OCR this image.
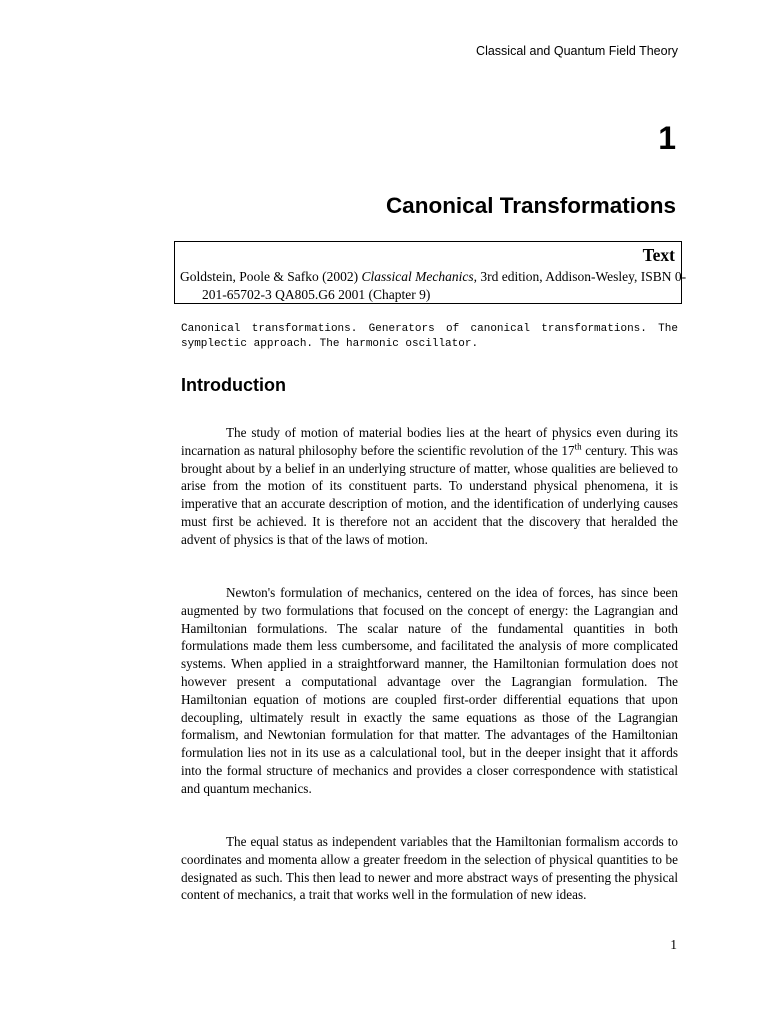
Classical and Quantum Field Theory
1
Canonical Transformations
Text
Goldstein, Poole & Safko (2002) Classical Mechanics, 3rd edition, Addison-Wesley, ISBN 0-201-65702-3 QA805.G6 2001 (Chapter 9)
Canonical transformations. Generators of canonical transformations. The symplectic approach. The harmonic oscillator.
Introduction

The study of motion of material bodies lies at the heart of physics even during its incarnation as natural philosophy before the scientific revolution of the 17th century. This was brought about by a belief in an underlying structure of matter, whose qualities are believed to arise from the motion of its constituent parts. To understand physical phenomena, it is imperative that an accurate description of motion, and the identification of underlying causes must first be achieved. It is therefore not an accident that the discovery that heralded the advent of physics is that of the laws of motion.

Newton's formulation of mechanics, centered on the idea of forces, has since been augmented by two formulations that focused on the concept of energy: the Lagrangian and Hamiltonian formulations. The scalar nature of the fundamental quantities in both formulations made them less cumbersome, and facilitated the analysis of more complicated systems. When applied in a straightforward manner, the Hamiltonian formulation does not however present a computational advantage over the Lagrangian formulation. The Hamiltonian equation of motions are coupled first-order differential equations that upon decoupling, ultimately result in exactly the same equations as those of the Lagrangian formalism, and Newtonian formulation for that matter. The advantages of the Hamiltonian formulation lies not in its use as a calculational tool, but in the deeper insight that it affords into the formal structure of mechanics and provides a closer correspondence with statistical and quantum mechanics.

The equal status as independent variables that the Hamiltonian formalism accords to coordinates and momenta allow a greater freedom in the selection of physical quantities to be designated as such. This then lead to newer and more abstract ways of presenting the physical content of mechanics, a trait that works well in the formulation of new ideas.

1
